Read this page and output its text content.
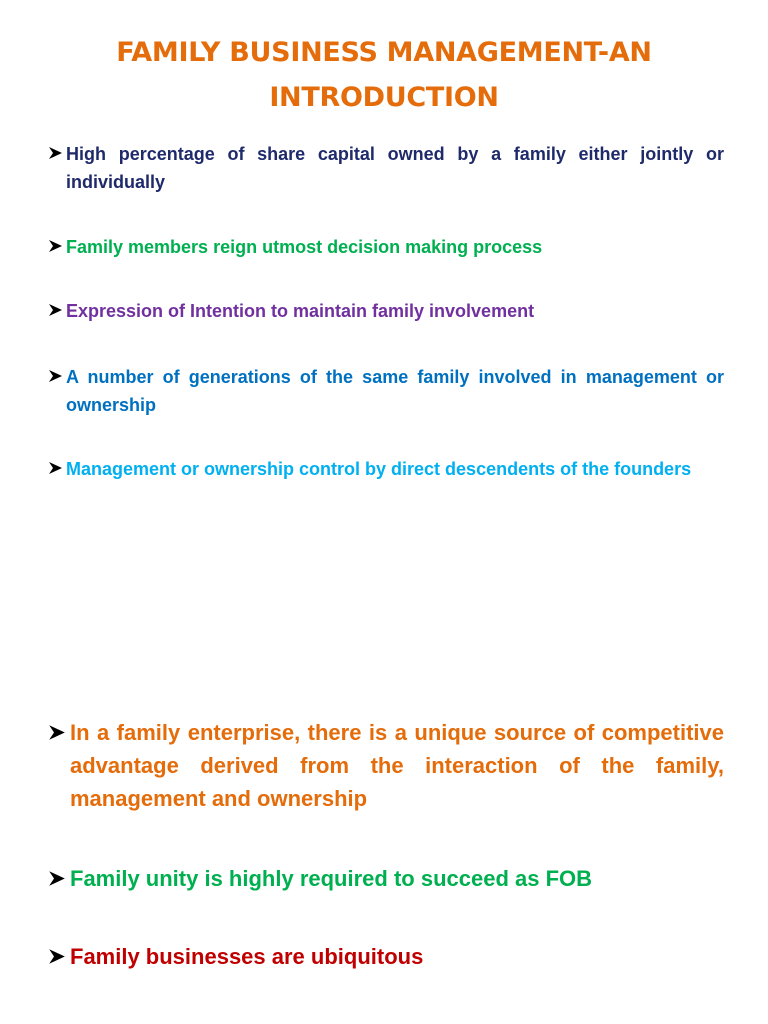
FAMILY BUSINESS MANAGEMENT-AN INTRODUCTION
High percentage of share capital owned by a family either jointly or individually
Family members reign utmost decision making process
Expression of Intention to maintain family involvement
A number of generations of the same family involved in management or ownership
Management or ownership control by direct descendents of the founders
In a family enterprise, there is a unique source of competitive advantage derived from the interaction of the family, management and ownership
Family unity is highly required to succeed as FOB
Family businesses are ubiquitous
